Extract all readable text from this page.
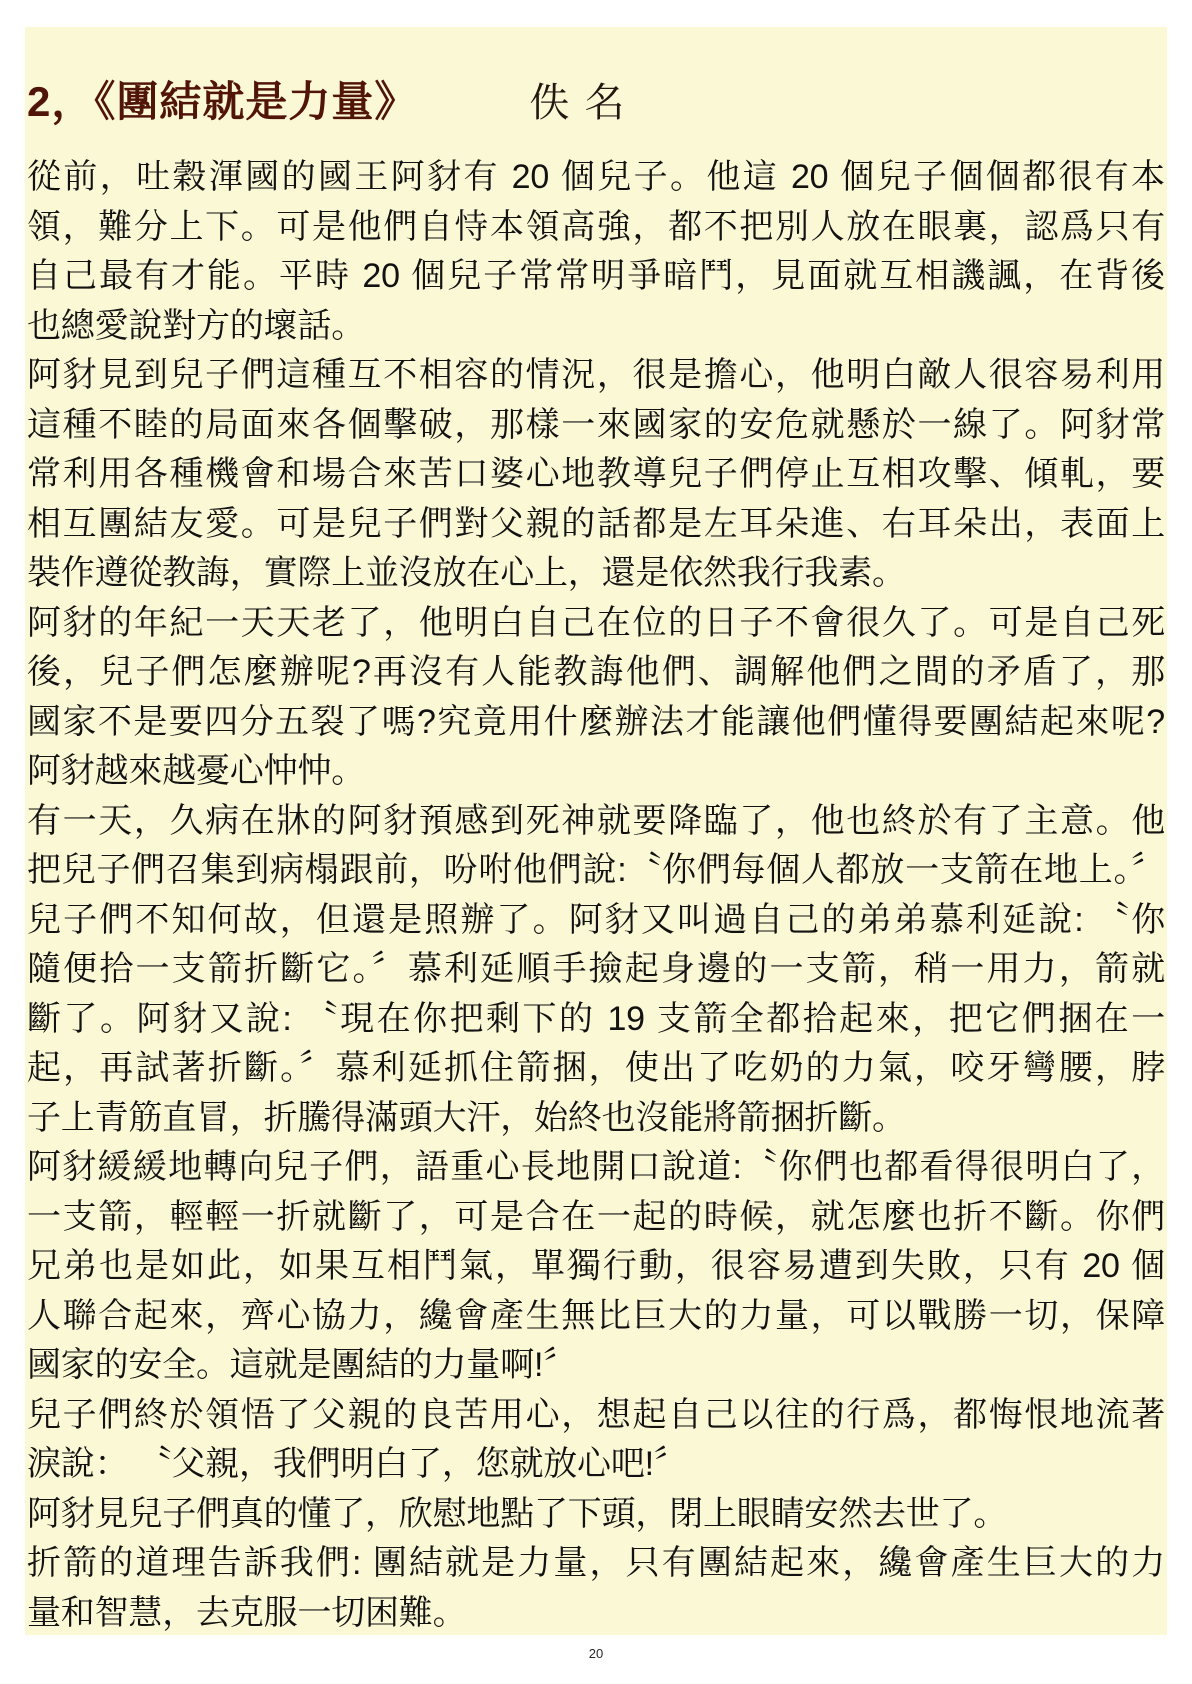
2，《團結就是力量》	佚 名
從前，吐穀渾國的國王阿豺有 20 個兒子。他這 20 個兒子個個都很有本
領，難分上下。可是他們自恃本領高強，都不把別人放在眼裏，認爲只有
自己最有才能。平時 20 個兒子常常明爭暗鬥，見面就互相譏諷，在背後
也總愛說對方的壞話。
阿豺見到兒子們這種互不相容的情況，很是擔心，他明白敵人很容易利用
這種不睦的局面來各個擊破，那樣一來國家的安危就懸於一線了。阿豺常
常利用各種機會和場合來苦口婆心地教導兒子們停止互相攻擊、傾軋，要
相互團結友愛。可是兒子們對父親的話都是左耳朵進、右耳朵出，表面上
裝作遵從教誨，實際上並沒放在心上，還是依然我行我素。
阿豺的年紀一天天老了，他明白自己在位的日子不會很久了。可是自己死
後，兒子們怎麼辦呢?再沒有人能教誨他們、調解他們之間的矛盾了，那
國家不是要四分五裂了嗎?究竟用什麼辦法才能讓他們懂得要團結起來呢?
阿豺越來越憂心忡忡。
有一天，久病在牀的阿豺預感到死神就要降臨了，他也終於有了主意。他
把兒子們召集到病榻跟前，吩咐他們說:〝你們每個人都放一支箭在地上。〞
兒子們不知何故，但還是照辦了。阿豺又叫過自己的弟弟慕利延說: 〝你
隨便拾一支箭折斷它。〞慕利延順手撿起身邊的一支箭，稍一用力，箭就
斷了。阿豺又說: 〝現在你把剩下的 19 支箭全都拾起來，把它們捆在一
起，再試著折斷。〞慕利延抓住箭捆，使出了吃奶的力氣，咬牙彎腰，脖
子上青筋直冒，折騰得滿頭大汗，始終也沒能將箭捆折斷。
阿豺緩緩地轉向兒子們，語重心長地開口說道:〝你們也都看得很明白了，
一支箭，輕輕一折就斷了，可是合在一起的時候，就怎麼也折不斷。你們
兄弟也是如此，如果互相鬥氣，單獨行動，很容易遭到失敗，只有 20 個
人聯合起來，齊心協力，纔會產生無比巨大的力量，可以戰勝一切，保障
國家的安全。這就是團結的力量啊!〞
兒子們終於領悟了父親的良苦用心，想起自己以往的行爲，都悔恨地流著
淚說： 〝父親，我們明白了，您就放心吧!〞
阿豺見兒子們真的懂了，欣慰地點了下頭，閉上眼睛安然去世了。
折箭的道理告訴我們: 團結就是力量，只有團結起來，纔會產生巨大的力
量和智慧，去克服一切困難。
20
